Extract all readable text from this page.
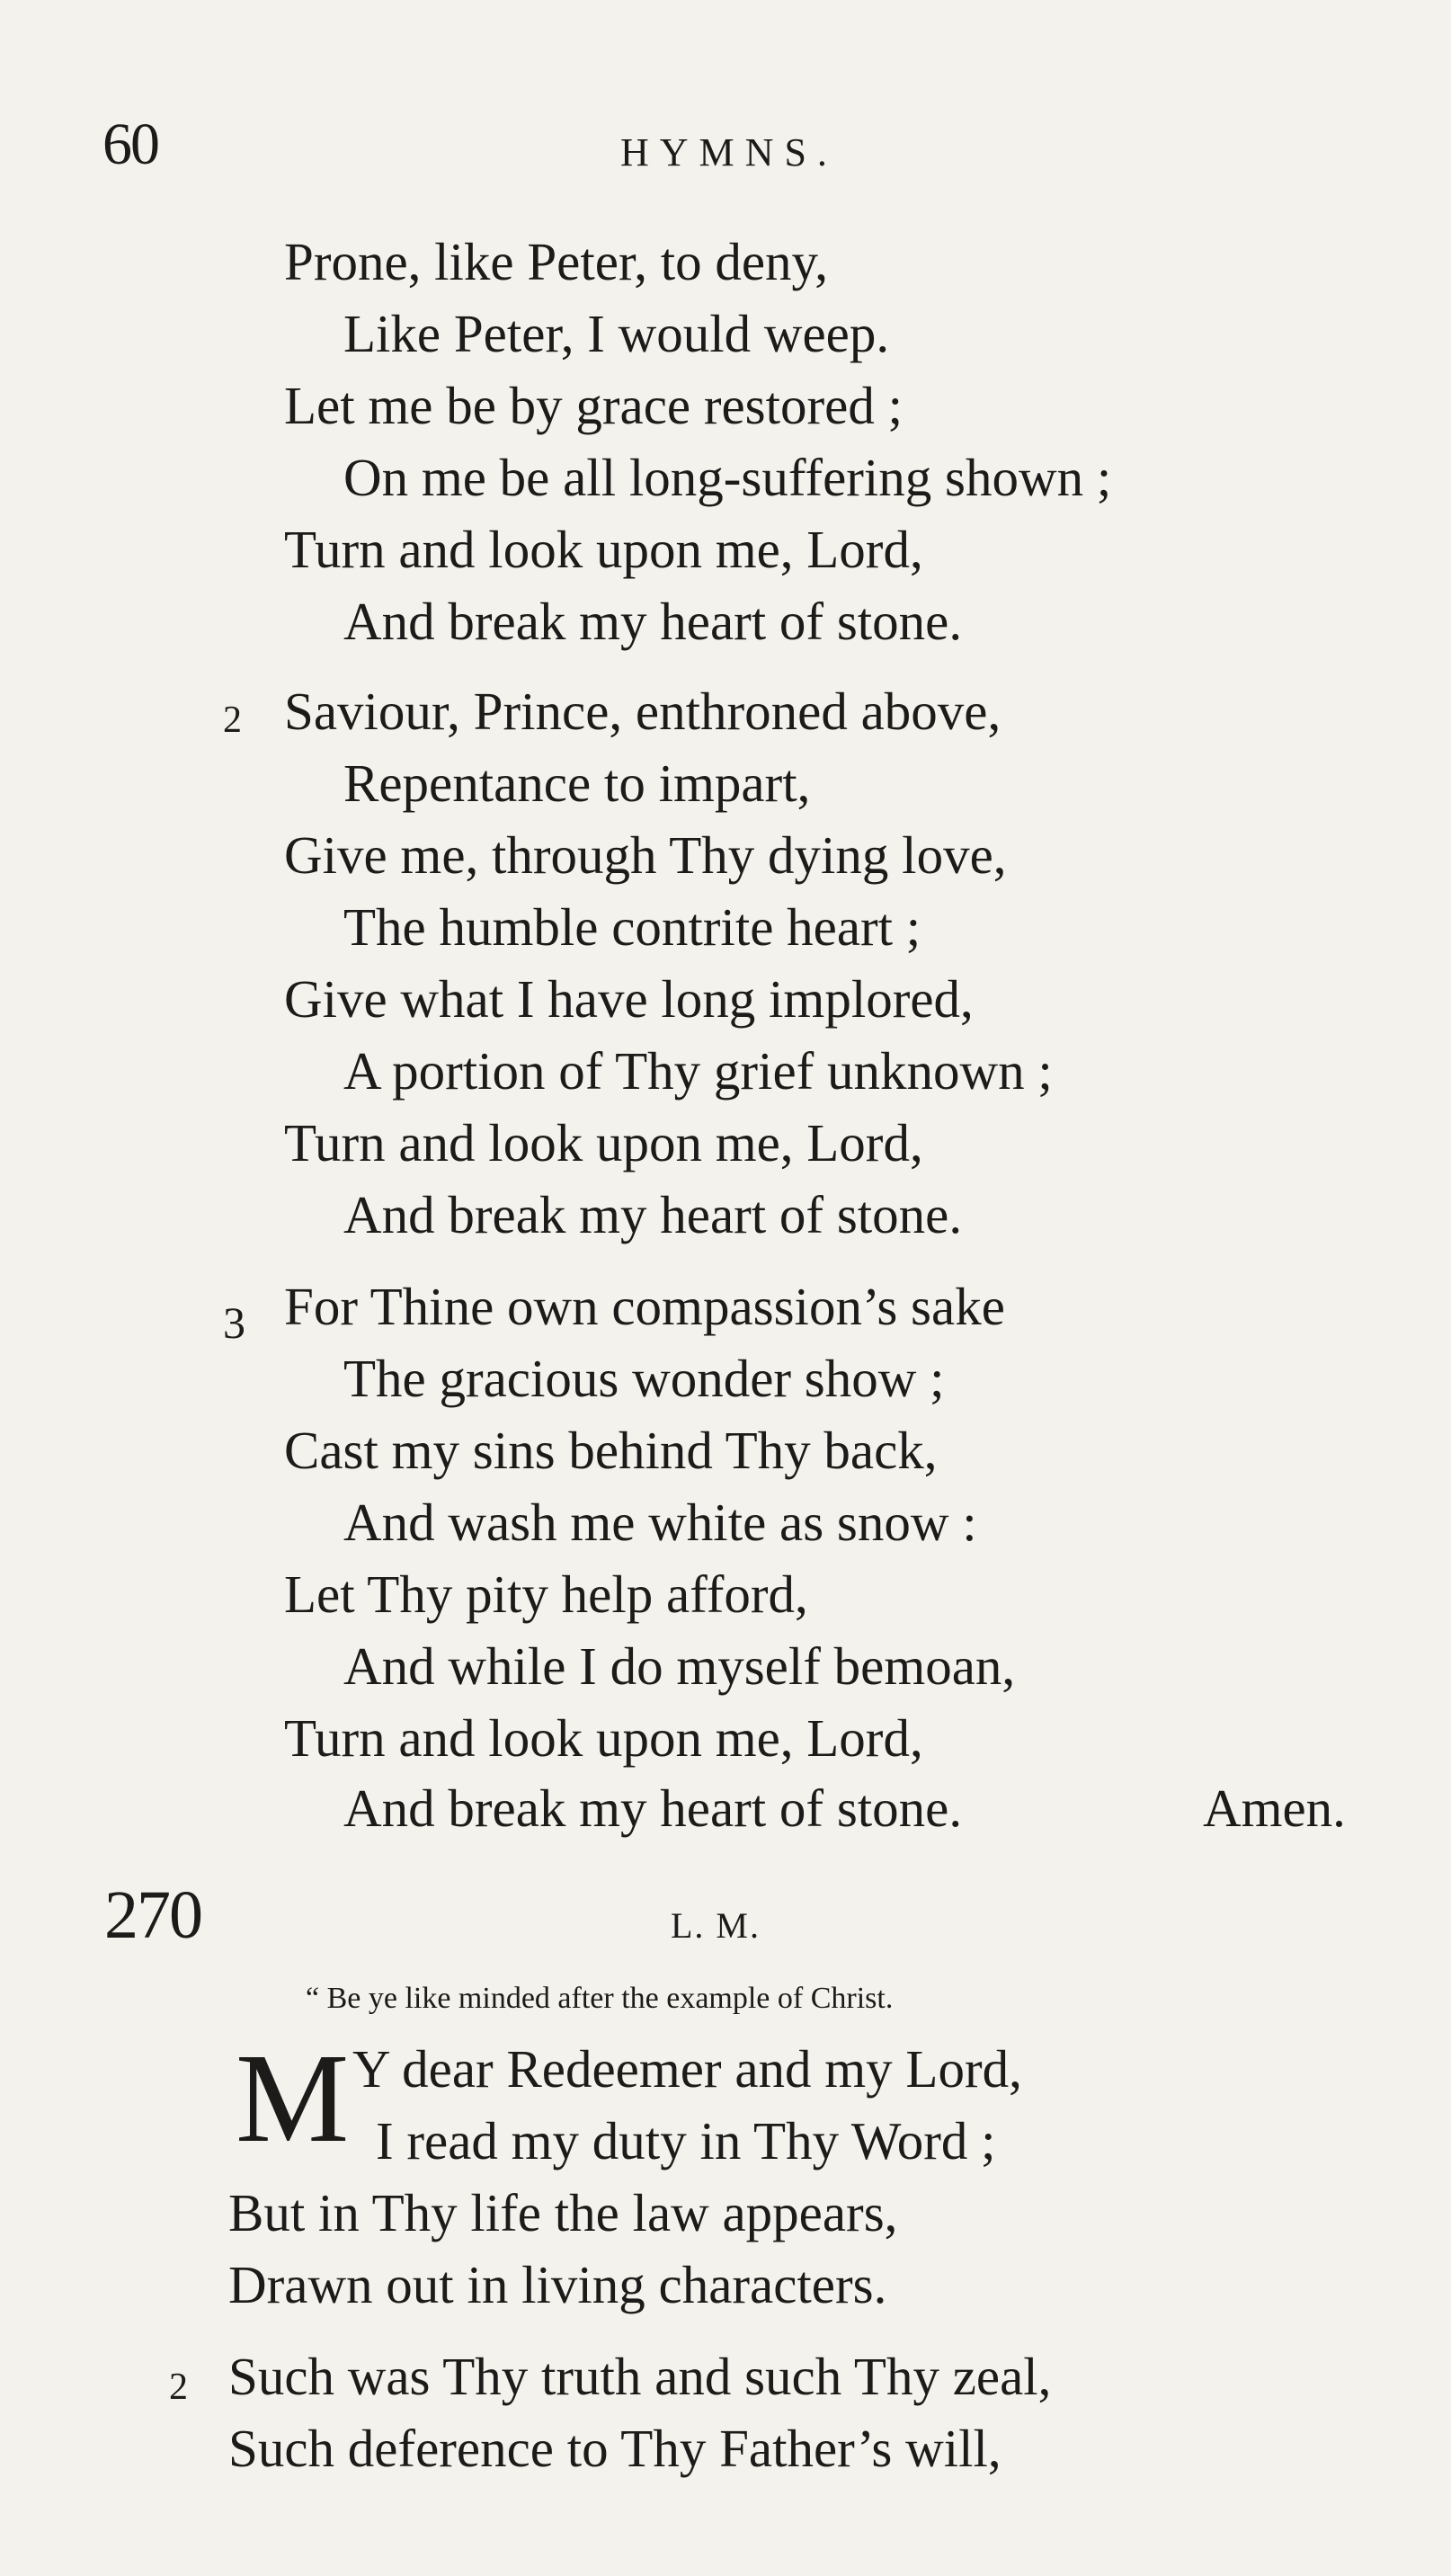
60	HYMNS.
Prone, like Peter, to deny,
Like Peter, I would weep.
Let me be by grace restored ;
On me be all long-suffering shown ;
Turn and look upon me, Lord,
And break my heart of stone.
2 Saviour, Prince, enthroned above,
Repentance to impart,
Give me, through Thy dying love,
The humble contrite heart ;
Give what I have long implored,
A portion of Thy grief unknown ;
Turn and look upon me, Lord,
And break my heart of stone.
3 For Thine own compassion’s sake
The gracious wonder show ;
Cast my sins behind Thy back,
And wash me white as snow :
Let Thy pity help afford,
And while I do myself bemoan,
Turn and look upon me, Lord,
And break my heart of stone.	Amen.
270	L. M.
“ Be ye like minded after the example of Christ.
M Y dear Redeemer and my Lord,
I read my duty in Thy Word ;
But in Thy life the law appears,
Drawn out in living characters.
2 Such was Thy truth and such Thy zeal,
Such deference to Thy Father’s will,
